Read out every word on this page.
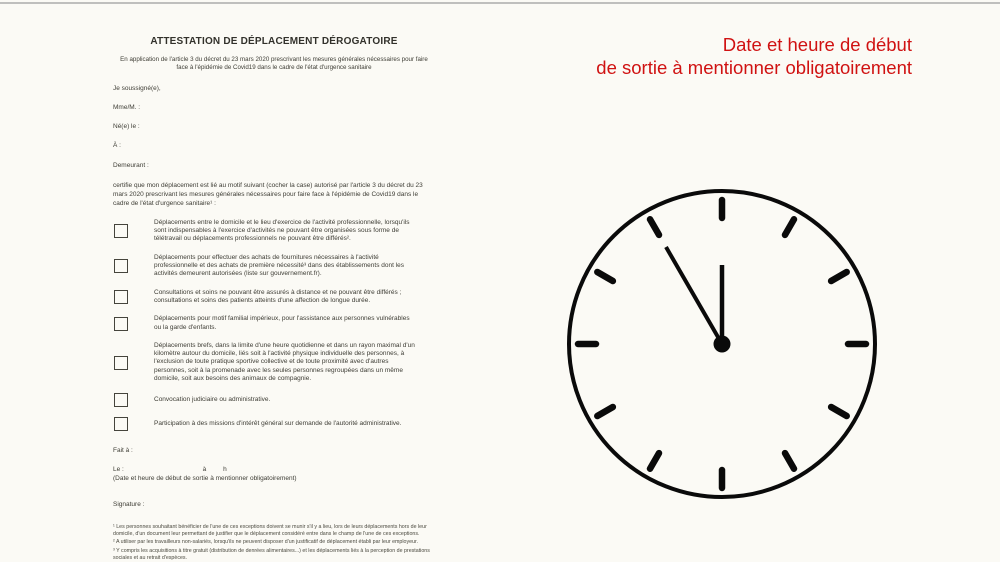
ATTESTATION DE DÉPLACEMENT DÉROGATOIRE
En application de l'article 3 du décret du 23 mars 2020 prescrivant les mesures générales nécessaires pour faire face à l'épidémie de Covid19 dans le cadre de l'état d'urgence sanitaire
Je soussigné(e),
Mme/M. :
Né(e) le :
À :
Demeurant :
certifie que mon déplacement est lié au motif suivant (cocher la case) autorisé par l'article 3 du décret du 23 mars 2020 prescrivant les mesures générales nécessaires pour faire face à l'épidémie de Covid19 dans le cadre de l'état d'urgence sanitaire¹ :
Déplacements entre le domicile et le lieu d'exercice de l'activité professionnelle, lorsqu'ils sont indispensables à l'exercice d'activités ne pouvant être organisées sous forme de télétravail ou déplacements professionnels ne pouvant être différés².
Déplacements pour effectuer des achats de fournitures nécessaires à l'activité professionnelle et des achats de première nécessité³ dans des établissements dont les activités demeurent autorisées (liste sur gouvernement.fr).
Consultations et soins ne pouvant être assurés à distance et ne pouvant être différés ; consultations et soins des patients atteints d'une affection de longue durée.
Déplacements pour motif familial impérieux, pour l'assistance aux personnes vulnérables ou la garde d'enfants.
Déplacements brefs, dans la limite d'une heure quotidienne et dans un rayon maximal d'un kilomètre autour du domicile, liés soit à l'activité physique individuelle des personnes, à l'exclusion de toute pratique sportive collective et de toute proximité avec d'autres personnes, soit à la promenade avec les seules personnes regroupées dans un même domicile, soit aux besoins des animaux de compagnie.
Convocation judiciaire ou administrative.
Participation à des missions d'intérêt général sur demande de l'autorité administrative.
Fait à :
Le :	à	h
(Date et heure de début de sortie à mentionner obligatoirement)
Signature :

¹ Les personnes souhaitant bénéficier de l'une de ces exceptions doivent se munir s'il y a lieu, lors de leurs déplacements hors de leur domicile, d'un document leur permettant de justifier que le déplacement considéré entre dans le champ de l'une de ces exceptions.

² A utiliser par les travailleurs non-salariés, lorsqu'ils ne peuvent disposer d'un justificatif de déplacement établi par leur employeur.

³ Y compris les acquisitions à titre gratuit (distribution de denrées alimentaires...) et les déplacements liés à la perception de prestations sociales et au retrait d'espèces.

Date et heure de début
de sortie à mentionner obligatoirement
